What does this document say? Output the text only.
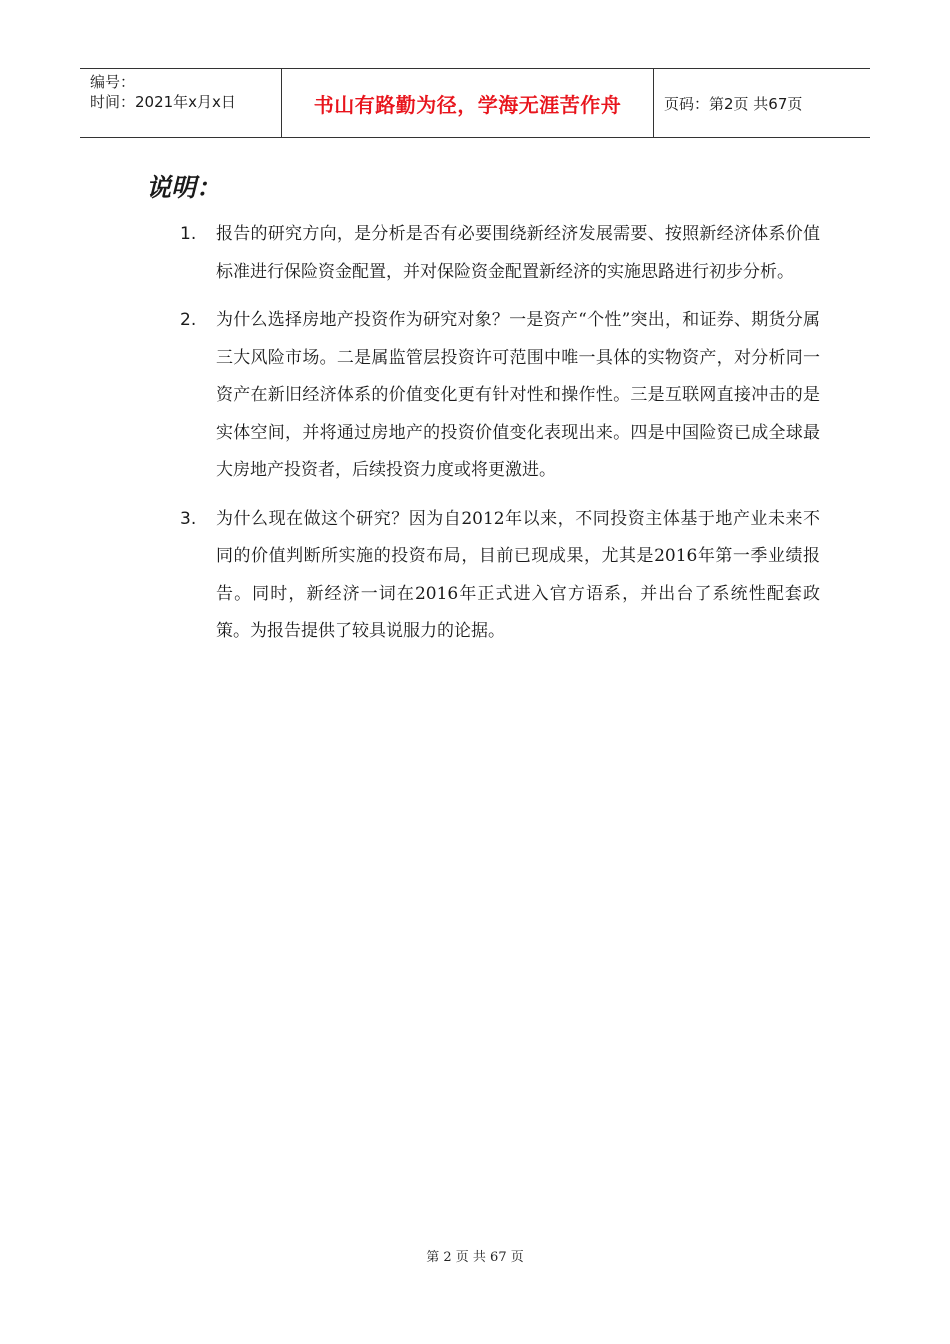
编号：
时间：2021年x月x日	书山有路勤为径，学海无涯苦作舟	页码：第2页 共67页
说明：
1.	报告的研究方向，是分析是否有必要围绕新经济发展需要、按照新经济体系价值标准进行保险资金配置，并对保险资金配置新经济的实施思路进行初步分析。
2.	为什么选择房地产投资作为研究对象？一是资产“个性”突出，和证券、期货分属三大风险市场。二是属监管层投资许可范围中唯一具体的实物资产，对分析同一资产在新旧经济体系的价值变化更有针对性和操作性。三是互联网直接冲击的是实体空间，并将通过房地产的投资价值变化表现出来。四是中国险资已成全球最大房地产投资者，后续投资力度或将更激进。
3.	为什么现在做这个研究？因为自2012年以来，不同投资主体基于地产业未来不同的价值判断所实施的投资布局，目前已现成果，尤其是2016年第一季业绩报告。同时，新经济一词在2016年正式进入官方语系，并出台了系统性配套政策。为报告提供了较具说服力的论据。
第 2 页 共 67 页
